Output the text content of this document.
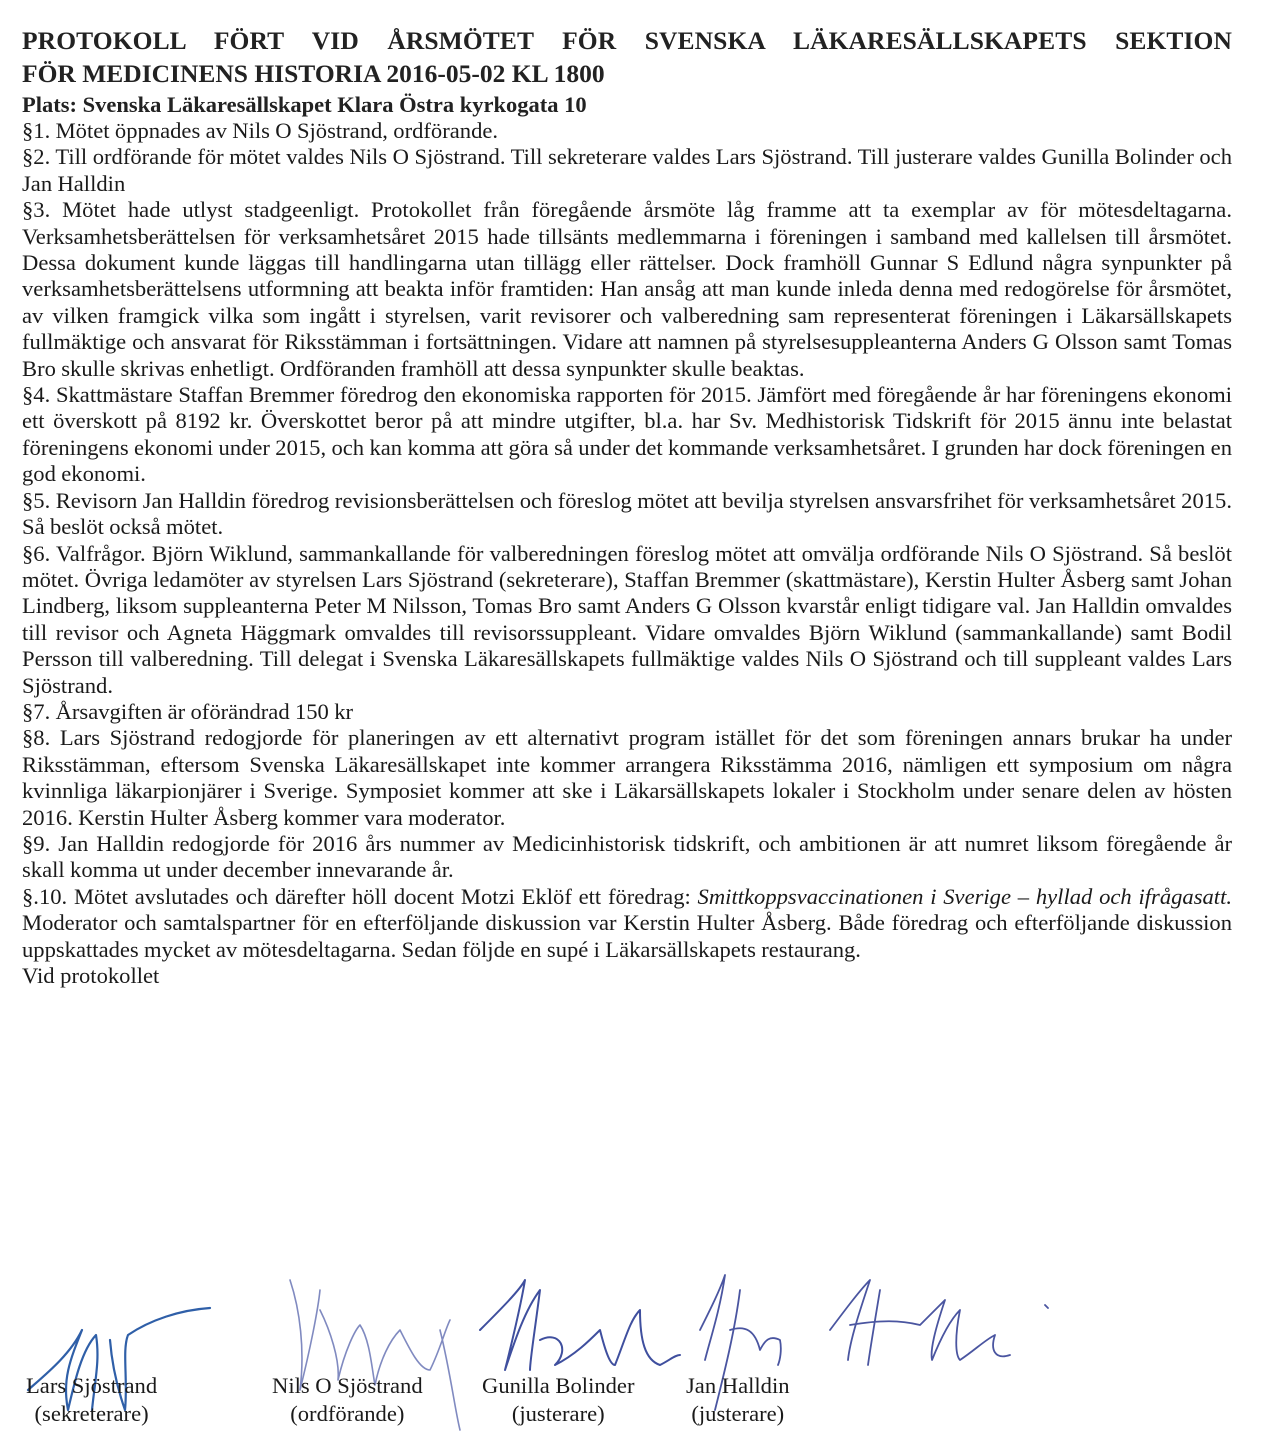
PROTOKOLL FÖRT VID ÅRSMÖTET FÖR SVENSKA LÄKARESÄLLSKAPETS SEKTION

FÖR MEDICINENS HISTORIA 2016-05-02 KL 1800

Plats: Svenska Läkaresällskapet Klara Östra kyrkogata 10

§1. Mötet öppnades av Nils O Sjöstrand, ordförande.

§2. Till ordförande för mötet valdes Nils O Sjöstrand. Till sekreterare valdes Lars Sjöstrand. Till justerare valdes Gunilla Bolinder och Jan Halldin

§3. Mötet hade utlyst stadgeenligt. Protokollet från föregående årsmöte låg framme att ta exemplar av för mötesdeltagarna. Verksamhetsberättelsen för verksamhetsåret 2015 hade tillsänts medlemmarna i föreningen i samband med kallelsen till årsmötet. Dessa dokument kunde läggas till handlingarna utan tillägg eller rättelser. Dock framhöll Gunnar S Edlund några synpunkter på verksamhetsberättelsens utformning att beakta inför framtiden: Han ansåg att man kunde inleda denna med redogörelse för årsmötet, av vilken framgick vilka som ingått i styrelsen, varit revisorer och valberedning sam representerat föreningen i Läkarsällskapets fullmäktige och ansvarat för Riksstämman i fortsättningen. Vidare att namnen på styrelsesuppleanterna Anders G Olsson samt Tomas Bro skulle skrivas enhetligt. Ordföranden framhöll att dessa synpunkter skulle beaktas.

§4. Skattmästare Staffan Bremmer föredrog den ekonomiska rapporten för 2015. Jämfört med föregående år har föreningens ekonomi ett överskott på 8192 kr. Överskottet beror på att mindre utgifter, bl.a. har Sv. Medhistorisk Tidskrift för 2015 ännu inte belastat föreningens ekonomi under 2015, och kan komma att göra så under det kommande verksamhetsåret. I grunden har dock föreningen en god ekonomi.

§5. Revisorn Jan Halldin föredrog revisionsberättelsen och föreslog mötet att bevilja styrelsen ansvarsfrihet för verksamhetsåret 2015. Så beslöt också mötet.

§6. Valfrågor. Björn Wiklund, sammankallande för valberedningen föreslog mötet att omvälja ordförande Nils O Sjöstrand. Så beslöt mötet. Övriga ledamöter av styrelsen Lars Sjöstrand (sekreterare), Staffan Bremmer (skattmästare), Kerstin Hulter Åsberg samt Johan Lindberg, liksom suppleanterna Peter M Nilsson, Tomas Bro samt Anders G Olsson kvarstår enligt tidigare val. Jan Halldin omvaldes till revisor och Agneta Häggmark omvaldes till revisorssuppleant. Vidare omvaldes Björn Wiklund (sammankallande) samt Bodil Persson till valberedning. Till delegat i Svenska Läkaresällskapets fullmäktige valdes Nils O Sjöstrand och till suppleant valdes Lars Sjöstrand.

§7. Årsavgiften är oförändrad 150 kr

§8. Lars Sjöstrand redogjorde för planeringen av ett alternativt program istället för det som föreningen annars brukar ha under Riksstämman, eftersom Svenska Läkaresällskapet inte kommer arrangera Riksstämma 2016, nämligen ett symposium om några kvinnliga läkarpionjärer i Sverige. Symposiet kommer att ske i Läkarsällskapets lokaler i Stockholm under senare delen av hösten 2016. Kerstin Hulter Åsberg kommer vara moderator.

§9. Jan Halldin redogjorde för 2016 års nummer av Medicinhistorisk tidskrift, och ambitionen är att numret liksom föregående år skall komma ut under december innevarande år.

§.10. Mötet avslutades och därefter höll docent Motzi Eklöf ett föredrag: Smittkoppsvaccinationen i Sverige – hyllad och ifrågasatt. Moderator och samtalspartner för en efterföljande diskussion var Kerstin Hulter Åsberg. Både föredrag och efterföljande diskussion uppskattades mycket av mötesdeltagarna. Sedan följde en supé i Läkarsällskapets restaurang.

Vid protokollet

Lars Sjöstrand
(sekreterare)
Nils O Sjöstrand
(ordförande)
Gunilla Bolinder
(justerare)
Jan Halldin
(justerare)
